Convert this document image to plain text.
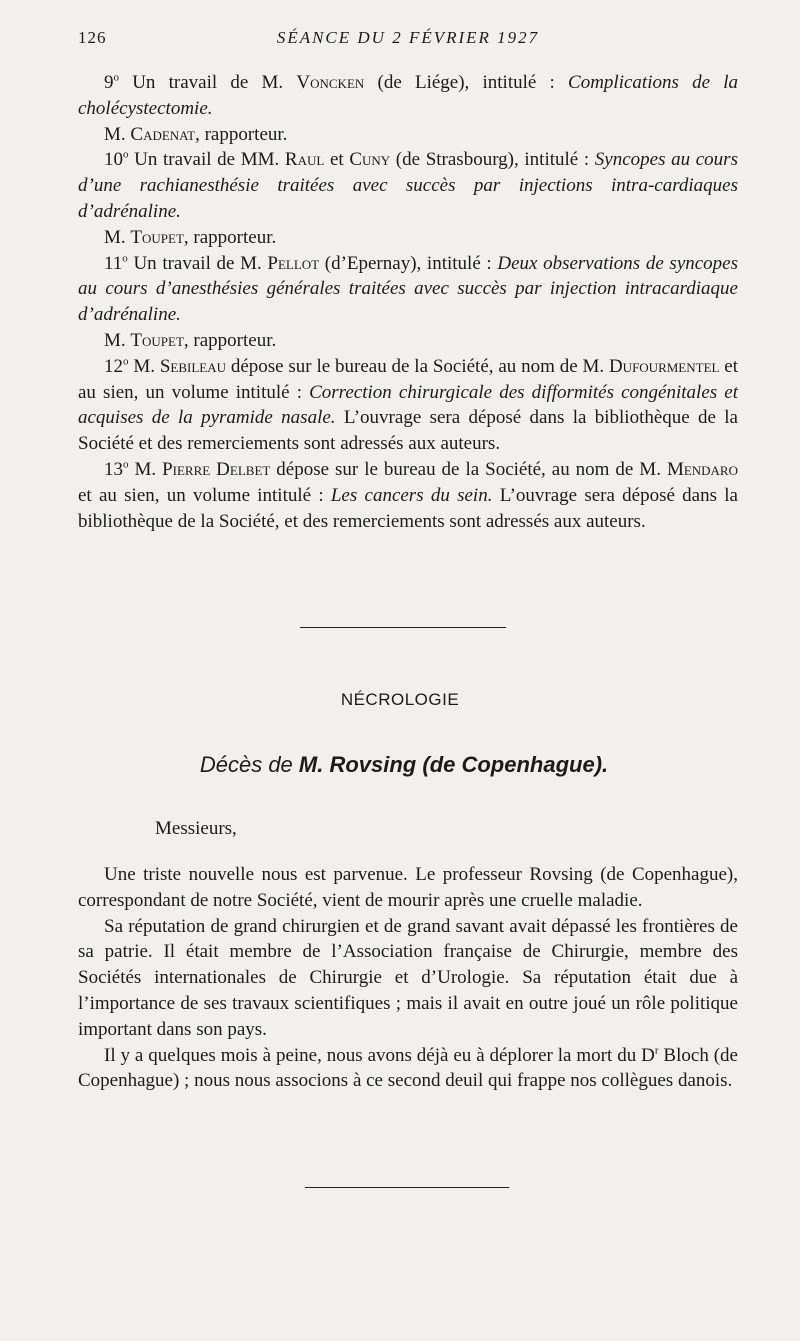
126	SÉANCE DU 2 FÉVRIER 1927

9$^o$ Un travail de M. Voncken (de Liége), intitulé : Complications de la cholécystectomie.

M. Cadenat, rapporteur.

10$^o$ Un travail de MM. Raul et Cuny (de Strasbourg), intitulé : Syncopes au cours d’une rachianesthésie traitées avec succès par injections intra-cardiaques d’adrénaline.

M. Toupet, rapporteur.

11$^o$ Un travail de M. Pellot (d’Epernay), intitulé : Deux observations de syncopes au cours d’anesthésies générales traitées avec succès par injection intracardiaque d’adrénaline.

M. Toupet, rapporteur.

12$^o$ M. Sebileau dépose sur le bureau de la Société, au nom de M. Dufourmentel et au sien, un volume intitulé : Correction chirurgicale des difformités congénitales et acquises de la pyramide nasale. L’ouvrage sera déposé dans la bibliothèque de la Société et des remerciements sont adressés aux auteurs.

13$^o$ M. Pierre Delbet dépose sur le bureau de la Société, au nom de M. Mendaro et au sien, un volume intitulé : Les cancers du sein. L’ouvrage sera déposé dans la bibliothèque de la Société, et des remerciements sont adressés aux auteurs.

NÉCROLOGIE
Décès de M. Rovsing (de Copenhague).
Messieurs,

Une triste nouvelle nous est parvenue. Le professeur Rovsing (de Copenhague), correspondant de notre Société, vient de mourir après une cruelle maladie.

Sa réputation de grand chirurgien et de grand savant avait dépassé les frontières de sa patrie. Il était membre de l’Association française de Chirurgie, membre des Sociétés internationales de Chirurgie et d’Urologie. Sa réputation était due à l’importance de ses travaux scientifiques ; mais il avait en outre joué un rôle politique important dans son pays.

Il y a quelques mois à peine, nous avons déjà eu à déplorer la mort du $D^r$ Bloch (de Copenhague) ; nous nous associons à ce second deuil qui frappe nos collègues danois.
